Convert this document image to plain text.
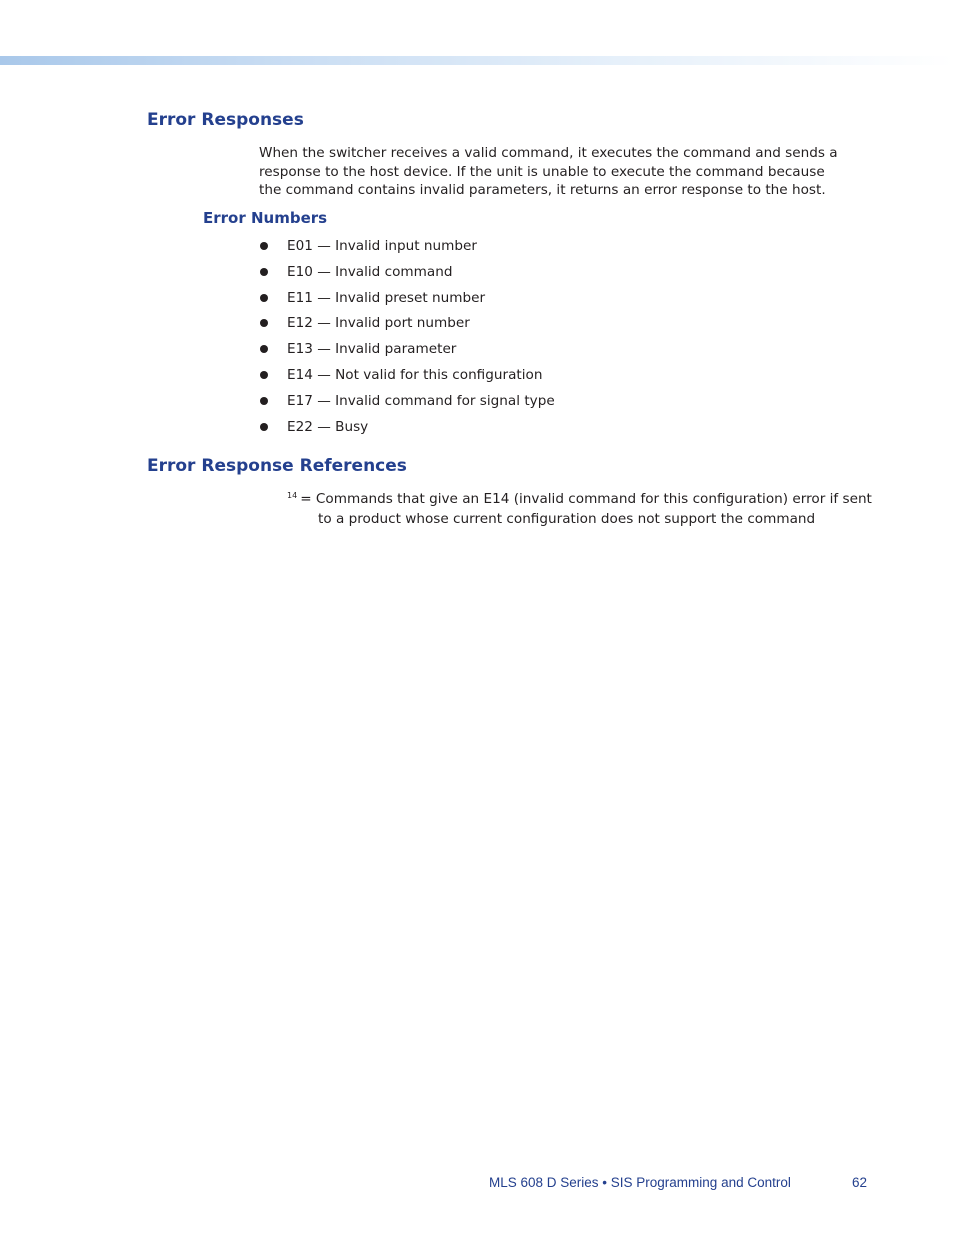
Error Responses

When the switcher receives a valid command, it executes the command and sends a response to the host device. If the unit is unable to execute the command because the command contains invalid parameters, it returns an error response to the host.

Error Numbers
E01 — Invalid input number
E10 — Invalid command
E11 — Invalid preset number
E12 — Invalid port number
E13 — Invalid parameter
E14 — Not valid for this configuration
E17 — Invalid command for signal type
E22 — Busy
Error Response References
$^{14}$ = Commands that give an E14 (invalid command for this configuration) error if sent
to a product whose current configuration does not support the command
MLS 608 D Series • SIS Programming and Control	62
